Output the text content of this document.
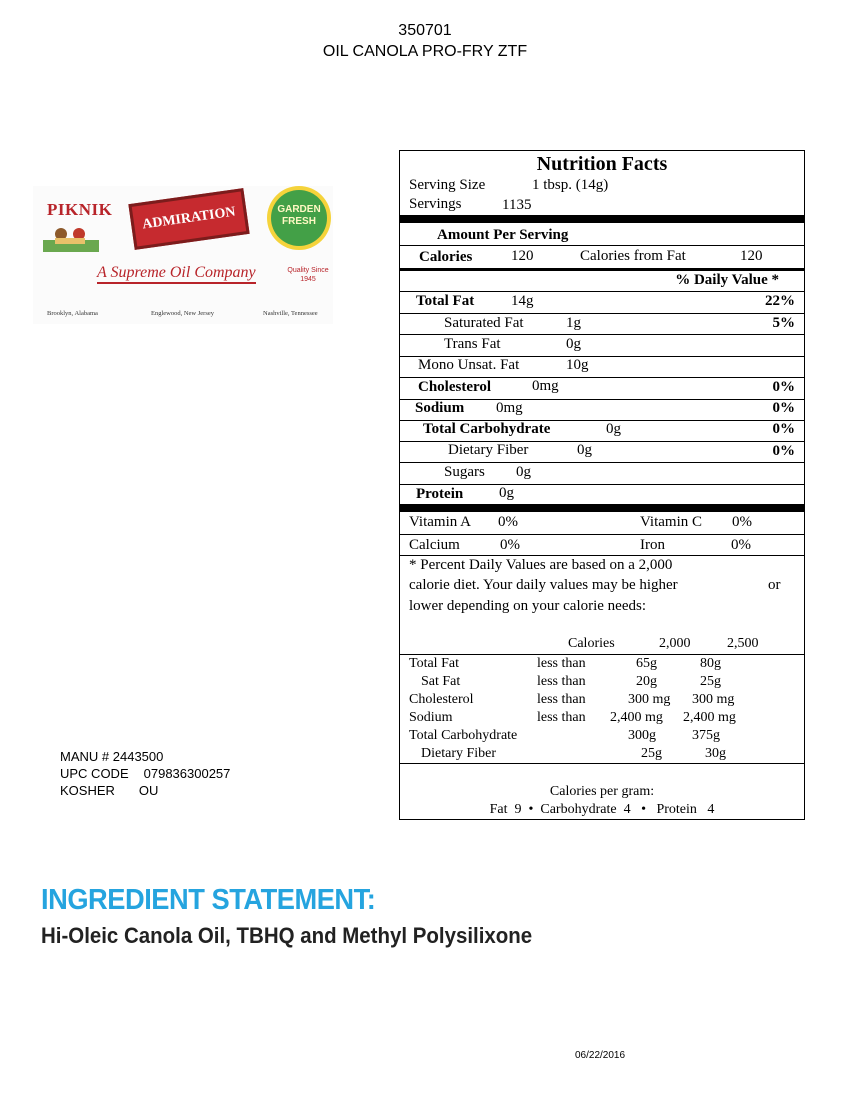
350701
OIL CANOLA PRO-FRY ZTF
PIKNIK	ADMIRATION	GARDEN FRESH
A Supreme Oil Company	Quality Since 1945
Brooklyn, Alabama	Englewood, New Jersey	Nashville, Tennessee
Nutrition Facts
Serving Size	1 tbsp. (14g)
Servings	1135
Amount Per Serving
Calories	120	Calories from Fat	120
% Daily Value *
Total Fat 14g	22%
Saturated Fat	1g	5%
Trans Fat	0g
Mono Unsat. Fat	10g
Cholesterol	0mg	0%
Sodium 0mg	0%
Total Carbohydrate	0g	0%
Dietary Fiber	0g	0%
Sugars 0g
Protein 0g
Vitamin A 0%	Vitamin C 0%
Calcium	0%	Iron	0%
* Percent Daily Values are based on a 2,000
calorie diet. Your daily values may be higher	or
lower depending on your calorie needs:
Calories	2,000	2,500
Total Fat	less than	65g	80g
Sat Fat	less than	20g	25g
Cholesterol	less than	300 mg 300 mg
Sodium	less than 2,400 mg 2,400 mg
Total Carbohydrate	300g	375g
Dietary Fiber	25g	30g
Calories per gram:
Fat 9 • Carbohydrate 4 • Protein 4
MANU # 2443500
UPC CODE 079836300257
KOSHER OU
INGREDIENT STATEMENT:
Hi-Oleic Canola Oil, TBHQ and Methyl Polysilixone
06/22/2016
